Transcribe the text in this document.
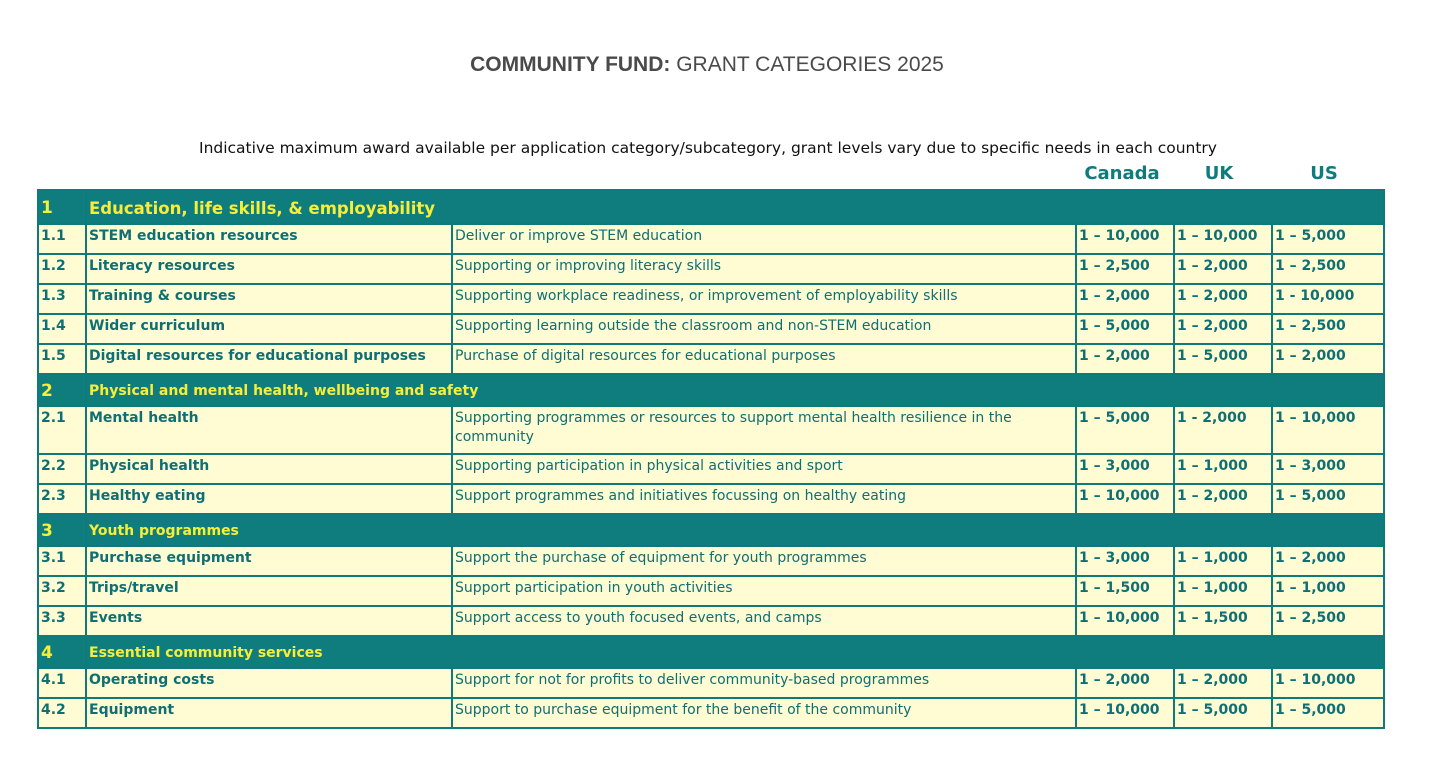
COMMUNITY FUND: GRANT CATEGORIES 2025
Indicative maximum award available per application category/subcategory, grant levels vary due to specific needs in each country
Canada	UK	US
1	Education, life skills, & employability				
1.1	STEM education resources	Deliver or improve STEM education	1 – 10,000	1 – 10,000	1 – 5,000
1.2	Literacy resources	Supporting or improving literacy skills	1 – 2,500	1 – 2,000	1 – 2,500
1.3	Training & courses	Supporting workplace readiness, or improvement of employability skills	1 – 2,000	1 – 2,000	1 - 10,000
1.4	Wider curriculum	Supporting learning outside the classroom and non-STEM education	1 – 5,000	1 – 2,000	1 – 2,500
1.5	Digital resources for educational purposes	Purchase of digital resources for educational purposes	1 – 2,000	1 – 5,000	1 – 2,000
2	Physical and mental health, wellbeing and safety				
2.1	Mental health	Supporting programmes or resources to support mental health resilience in the community	1 – 5,000	1 - 2,000	1 – 10,000
2.2	Physical health	Supporting participation in physical activities and sport	1 – 3,000	1 – 1,000	1 – 3,000
2.3	Healthy eating	Support programmes and initiatives focussing on healthy eating	1 – 10,000	1 – 2,000	1 – 5,000
3	Youth programmes				
3.1	Purchase equipment	Support the purchase of equipment for youth programmes	1 – 3,000	1 – 1,000	1 – 2,000
3.2	Trips/travel	Support participation in youth activities	1 – 1,500	1 – 1,000	1 – 1,000
3.3	Events	Support access to youth focused events, and camps	1 – 10,000	1 – 1,500	1 – 2,500
4	Essential community services				
4.1	Operating costs	Support for not for profits to deliver community-based programmes	1 – 2,000	1 – 2,000	1 – 10,000
4.2	Equipment	Support to purchase equipment for the benefit of the community	1 – 10,000	1 – 5,000	1 – 5,000
